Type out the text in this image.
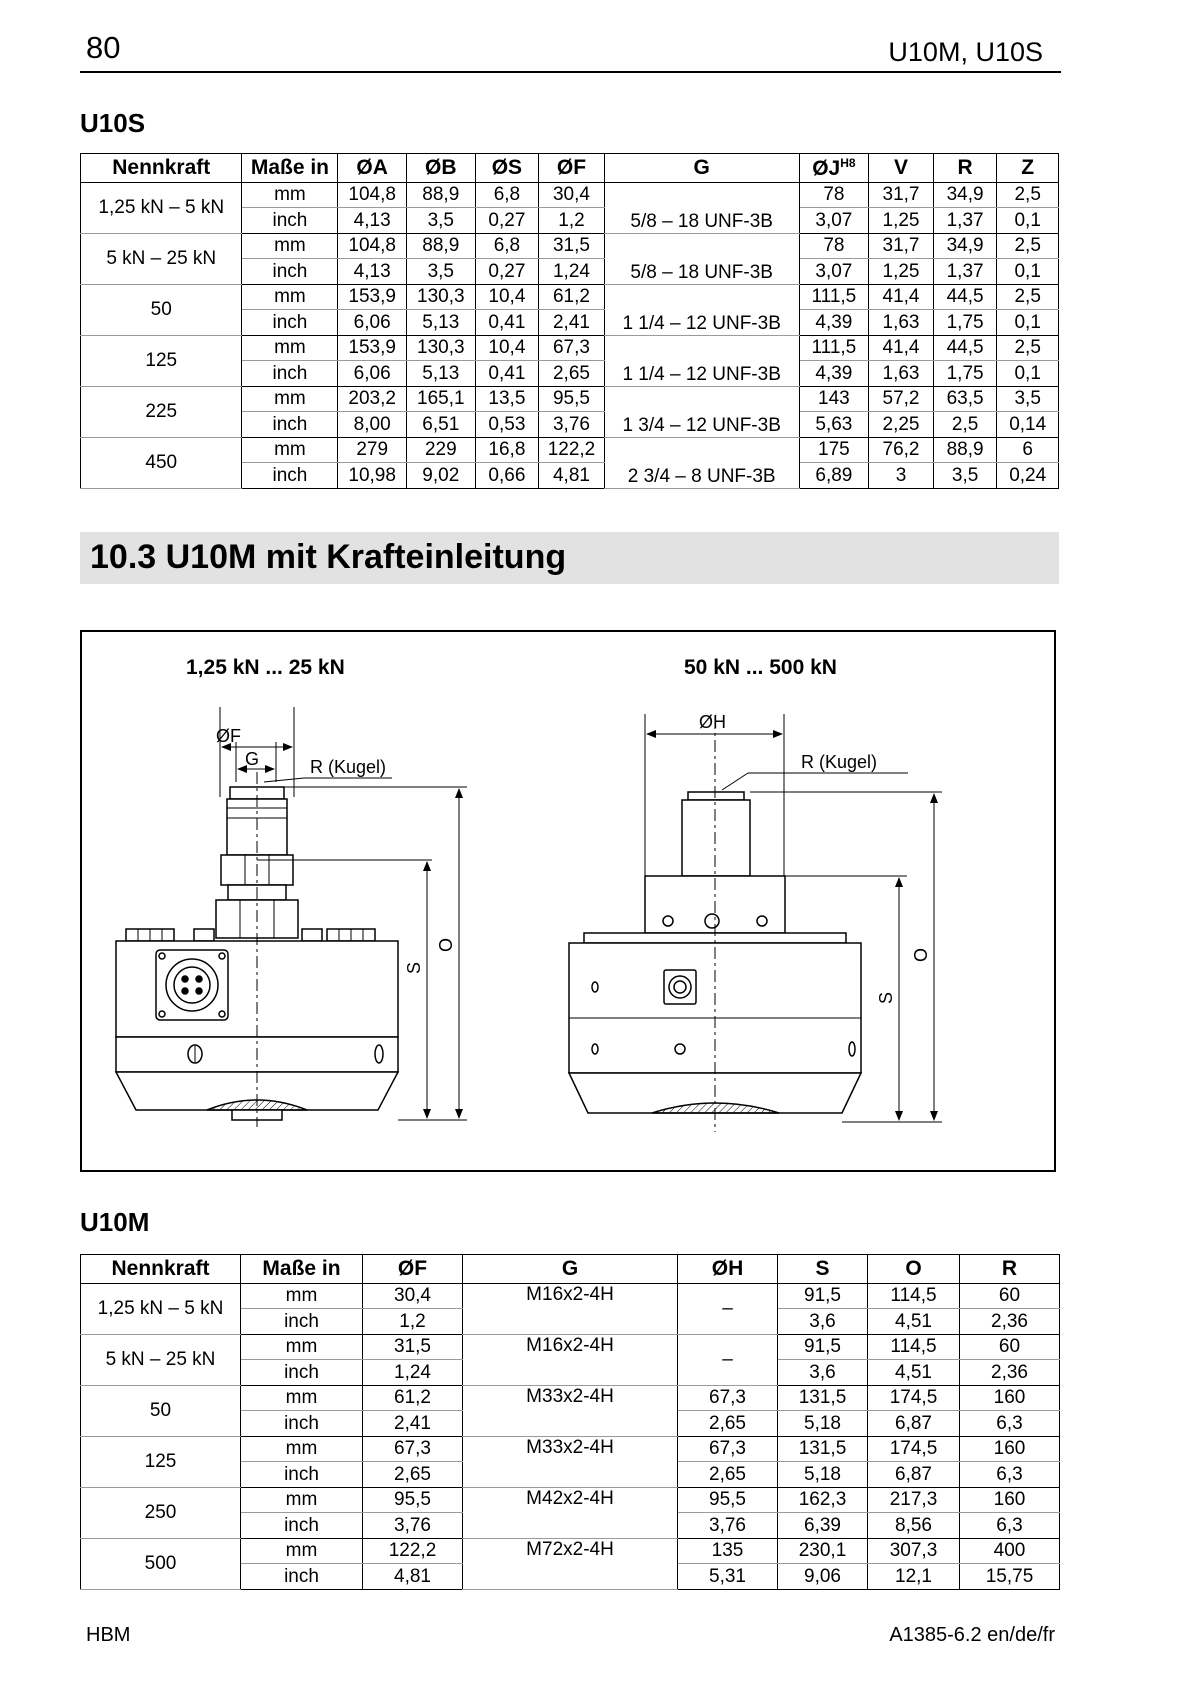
80	U10M, U10S
U10S
Nennkraft	Maße in	ØA	ØB	ØS	ØF	G	$ØJ^{H8}$	V	R	Z
1,25 kN – 5 kN	mm	104,8	88,9	6,8	30,4	5/8 – 18 UNF-3B	78	31,7	34,9	2,5
	inch	4,13	3,5	0,27	1,2		3,07	1,25	1,37	0,1
5 kN – 25 kN	mm	104,8	88,9	6,8	31,5	5/8 – 18 UNF-3B	78	31,7	34,9	2,5
	inch	4,13	3,5	0,27	1,24		3,07	1,25	1,37	0,1
50	mm	153,9	130,3	10,4	61,2	1 1/4 – 12 UNF-3B	111,5	41,4	44,5	2,5
	inch	6,06	5,13	0,41	2,41		4,39	1,63	1,75	0,1
125	mm	153,9	130,3	10,4	67,3	1 1/4 – 12 UNF-3B	111,5	41,4	44,5	2,5
	inch	6,06	5,13	0,41	2,65		4,39	1,63	1,75	0,1
225	mm	203,2	165,1	13,5	95,5	1 3/4 – 12 UNF-3B	143	57,2	63,5	3,5
	inch	8,00	6,51	0,53	3,76		5,63	2,25	2,5	0,14
450	mm	279	229	16,8	122,2	2 3/4 – 8 UNF-3B	175	76,2	88,9	6
	inch	10,98	9,02	0,66	4,81		6,89	3	3,5	0,24
10.3 U10M mit Krafteinleitung
1,25 kN ... 25 kN	50 kN ... 500 kN
ØF
G	R (Kugel)
S
O
ØH
R (Kugel)
S
O
U10M
Nennkraft	Maße in	ØF	G	ØH	S	O	R
1,25 kN – 5 kN	mm	30,4	M16x2-4H	–	91,5	114,5	60
	inch	1,2			3,6	4,51	2,36
5 kN – 25 kN	mm	31,5	M16x2-4H	–	91,5	114,5	60
	inch	1,24			3,6	4,51	2,36
50	mm	61,2	M33x2-4H	67,3	131,5	174,5	160
	inch	2,41		2,65	5,18	6,87	6,3
125	mm	67,3	M33x2-4H	67,3	131,5	174,5	160
	inch	2,65		2,65	5,18	6,87	6,3
250	mm	95,5	M42x2-4H	95,5	162,3	217,3	160
	inch	3,76		3,76	6,39	8,56	6,3
500	mm	122,2	M72x2-4H	135	230,1	307,3	400
	inch	4,81		5,31	9,06	12,1	15,75
HBM	A1385-6.2 en/de/fr
